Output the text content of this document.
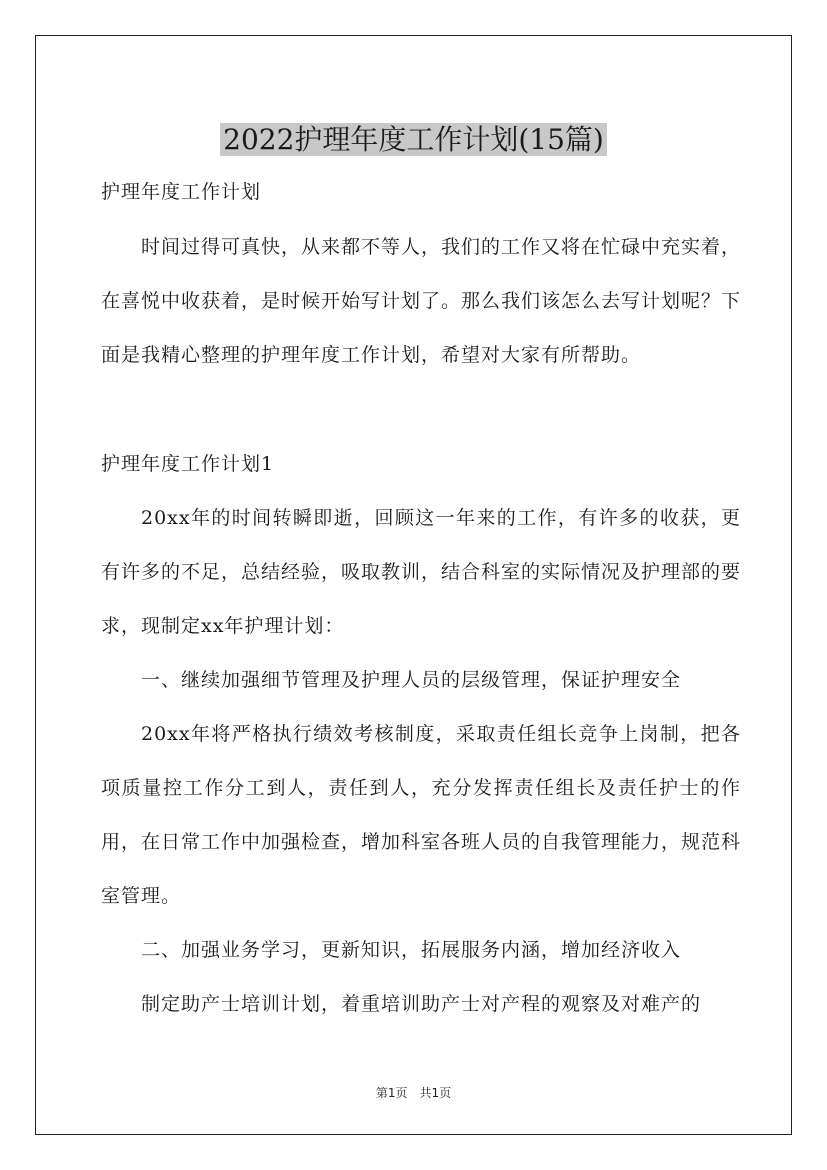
2022护理年度工作计划(15篇)

护理年度工作计划

时间过得可真快，从来都不等人，我们的工作又将在忙碌中充实着，在喜悦中收获着，是时候开始写计划了。那么我们该怎么去写计划呢？下面是我精心整理的护理年度工作计划，希望对大家有所帮助。

护理年度工作计划1

20xx年的时间转瞬即逝，回顾这一年来的工作，有许多的收获，更有许多的不足，总结经验，吸取教训，结合科室的实际情况及护理部的要求，现制定xx年护理计划：

一、继续加强细节管理及护理人员的层级管理，保证护理安全

20xx年将严格执行绩效考核制度，采取责任组长竞争上岗制，把各项质量控工作分工到人，责任到人，充分发挥责任组长及责任护士的作用，在日常工作中加强检查，增加科室各班人员的自我管理能力，规范科室管理。

二、加强业务学习，更新知识，拓展服务内涵，增加经济收入

制定助产士培训计划，着重培训助产士对产程的观察及对难产的

第1页 共1页
